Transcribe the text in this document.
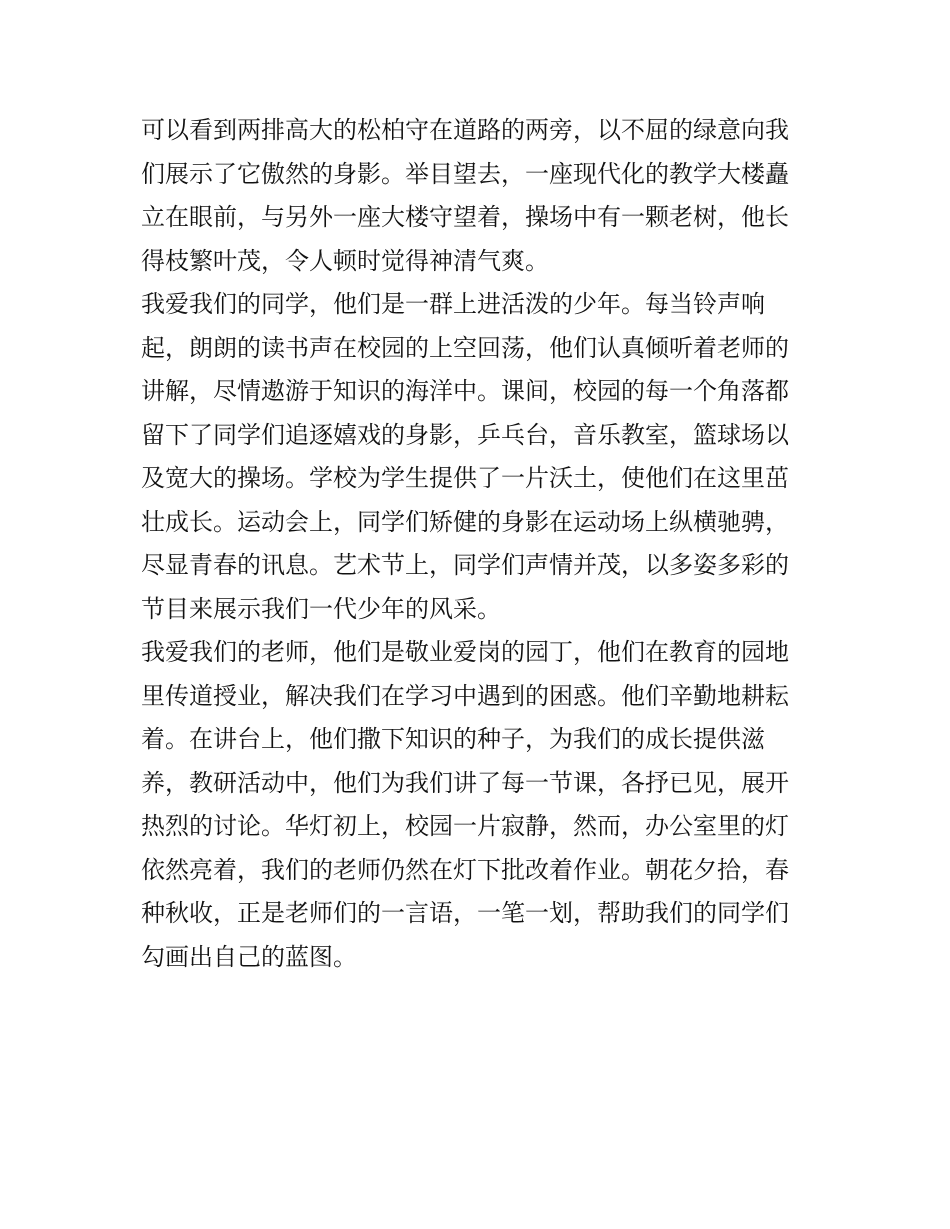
可以看到两排高大的松柏守在道路的两旁，以不屈的绿意向我
们展示了它傲然的身影。举目望去，一座现代化的教学大楼矗
立在眼前，与另外一座大楼守望着，操场中有一颗老树，他长
得枝繁叶茂，令人顿时觉得神清气爽。
我爱我们的同学，他们是一群上进活泼的少年。每当铃声响
起，朗朗的读书声在校园的上空回荡，他们认真倾听着老师的
讲解，尽情遨游于知识的海洋中。课间，校园的每一个角落都
留下了同学们追逐嬉戏的身影，乒乓台，音乐教室，篮球场以
及宽大的操场。学校为学生提供了一片沃土，使他们在这里茁
壮成长。运动会上，同学们矫健的身影在运动场上纵横驰骋，
尽显青春的讯息。艺术节上，同学们声情并茂，以多姿多彩的
节目来展示我们一代少年的风采。
我爱我们的老师，他们是敬业爱岗的园丁，他们在教育的园地
里传道授业，解决我们在学习中遇到的困惑。他们辛勤地耕耘
着。在讲台上，他们撒下知识的种子，为我们的成长提供滋
养，教研活动中，他们为我们讲了每一节课，各抒已见，展开
热烈的讨论。华灯初上，校园一片寂静，然而，办公室里的灯
依然亮着，我们的老师仍然在灯下批改着作业。朝花夕拾，春
种秋收，正是老师们的一言语，一笔一划，帮助我们的同学们
勾画出自己的蓝图。
